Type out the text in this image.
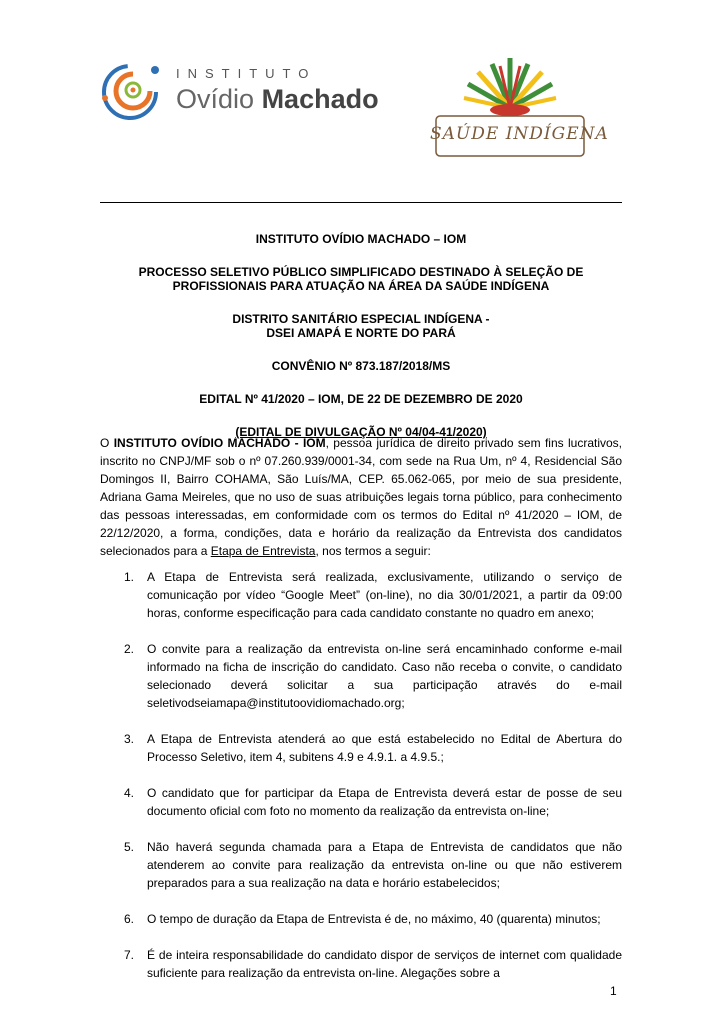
INSTITUTO
Ovídio Machado
SAÚDE INDÍGENA

INSTITUTO OVÍDIO MACHADO – IOM

PROCESSO SELETIVO PÚBLICO SIMPLIFICADO DESTINADO À SELEÇÃO DE
PROFISSIONAIS PARA ATUAÇÃO NA ÁREA DA SAÚDE INDÍGENA

DISTRITO SANITÁRIO ESPECIAL INDÍGENA -
DSEI AMAPÁ E NORTE DO PARÁ

CONVÊNIO Nº 873.187/2018/MS

EDITAL Nº 41/2020 – IOM, DE 22 DE DEZEMBRO DE 2020

(EDITAL DE DIVULGAÇÃO Nº 04/04-41/2020)

O INSTITUTO OVÍDIO MACHADO - IOM, pessoa jurídica de direito privado sem fins lucrativos, inscrito no CNPJ/MF sob o nº 07.260.939/0001-34, com sede na Rua Um, nº 4, Residencial São Domingos II, Bairro COHAMA, São Luís/MA, CEP. 65.062-065, por meio de sua presidente, Adriana Gama Meireles, que no uso de suas atribuições legais torna público, para conhecimento das pessoas interessadas, em conformidade com os termos do Edital nº 41/2020 – IOM, de 22/12/2020, a forma, condições, data e horário da realização da Entrevista dos candidatos selecionados para a Etapa de Entrevista, nos termos a seguir:
1. A Etapa de Entrevista será realizada, exclusivamente, utilizando o serviço de comunicação por vídeo “Google Meet” (on-line), no dia 30/01/2021, a partir da 09:00 horas, conforme especificação para cada candidato constante no quadro em anexo;
2. O convite para a realização da entrevista on-line será encaminhado conforme e-mail informado na ficha de inscrição do candidato. Caso não receba o convite, o candidato selecionado deverá solicitar a sua participação através do e-mail seletivodseiamapa@institutoovidiomachado.org;
3. A Etapa de Entrevista atenderá ao que está estabelecido no Edital de Abertura do Processo Seletivo, item 4, subitens 4.9 e 4.9.1. a 4.9.5.;
4. O candidato que for participar da Etapa de Entrevista deverá estar de posse de seu documento oficial com foto no momento da realização da entrevista on-line;
5. Não haverá segunda chamada para a Etapa de Entrevista de candidatos que não atenderem ao convite para realização da entrevista on-line ou que não estiverem preparados para a sua realização na data e horário estabelecidos;
6. O tempo de duração da Etapa de Entrevista é de, no máximo, 40 (quarenta) minutos;
7. É de inteira responsabilidade do candidato dispor de serviços de internet com qualidade suficiente para realização da entrevista on-line. Alegações sobre a
1
